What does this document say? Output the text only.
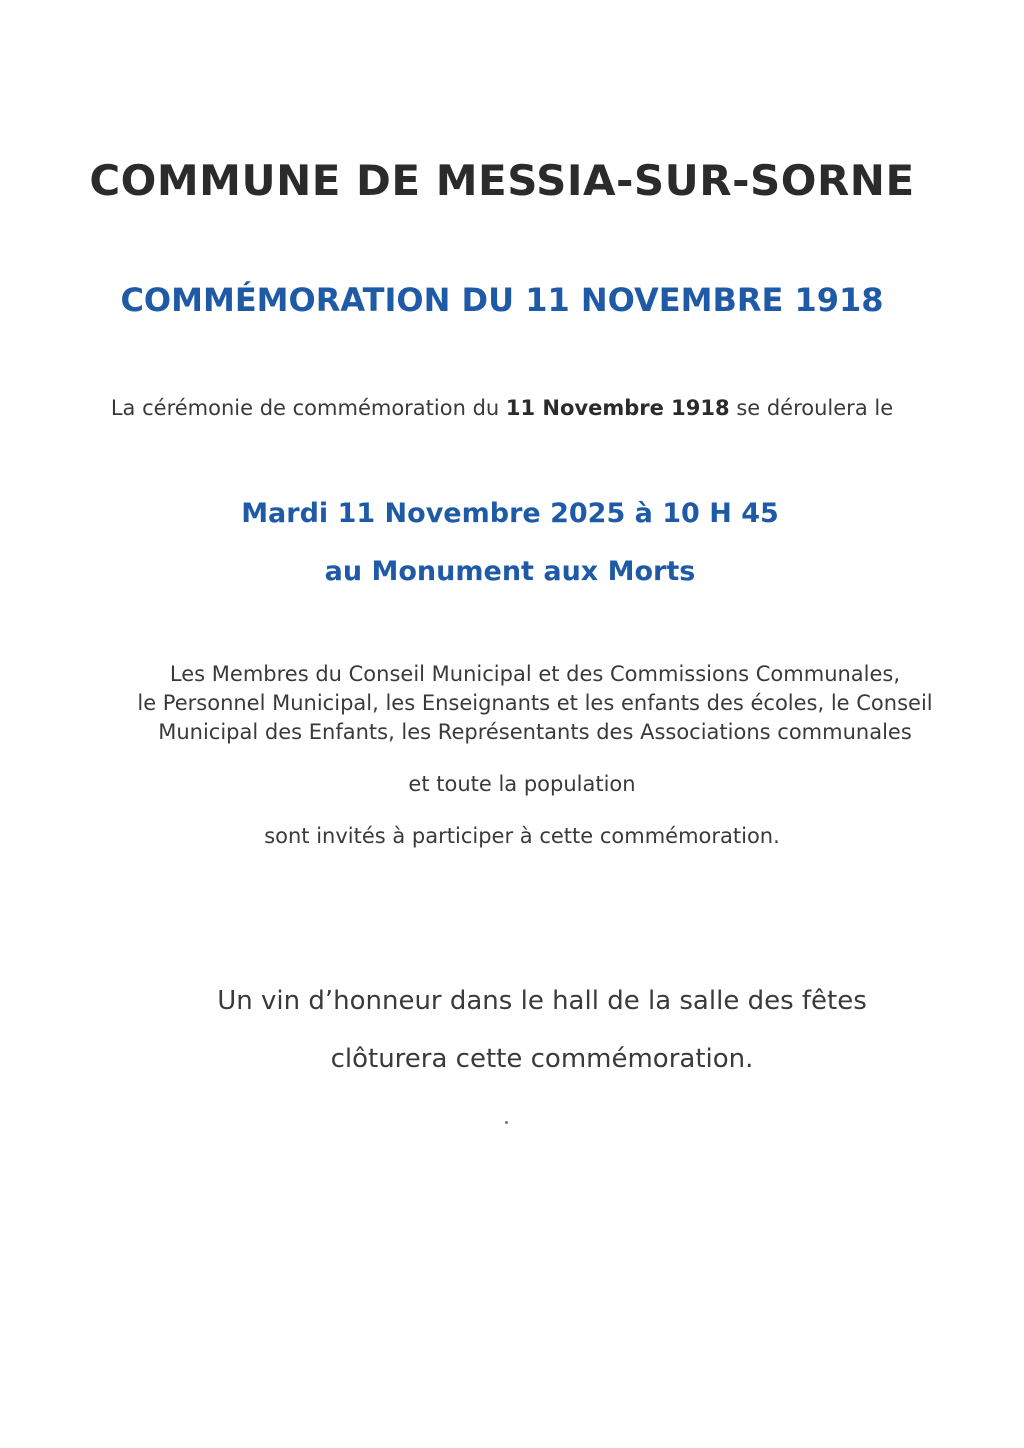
COMMUNE DE MESSIA-SUR-SORNE
COMMÉMORATION DU 11 NOVEMBRE 1918
La cérémonie de commémoration du 11 Novembre 1918 se déroulera le
Mardi 11 Novembre 2025 à 10 H 45
au Monument aux Morts
Les Membres du Conseil Municipal et des Commissions Communales,
le Personnel Municipal, les Enseignants et les enfants des écoles, le Conseil
Municipal des Enfants, les Représentants des Associations communales
et toute la population
sont invités à participer à cette commémoration.
Un vin d’honneur dans le hall de la salle des fêtes
clôturera cette commémoration.
